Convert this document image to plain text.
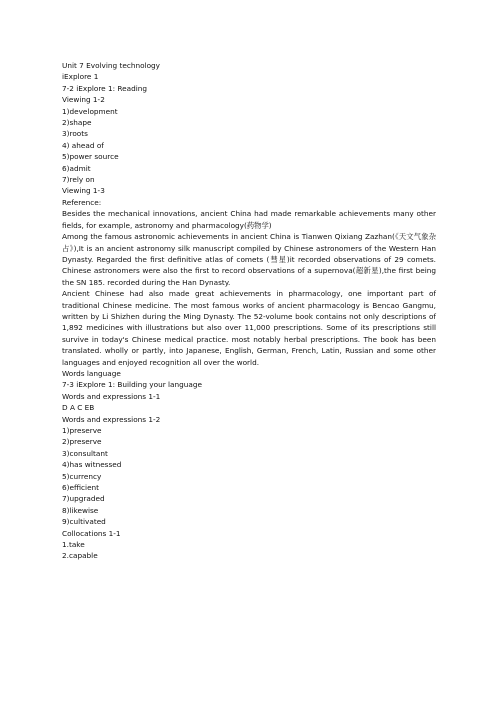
Unit 7 Evolving technology
iExplore 1
7-2 iExplore 1: Reading
Viewing 1-2
1)development
2)shape
3)roots
4) ahead of
5)power source
6)admit
7)rely on
Viewing 1-3
Reference:

Besides the mechanical innovations, ancient China had made remarkable achievements many other fields, for example, astronomy and pharmacology(药物学)

Among the famous astronomic achievements in ancient China is Tianwen Qixiang Zazhan(《天文气象杂占》),It is an ancient astronomy silk manuscript compiled by Chinese astronomers of the Western Han Dynasty. Regarded the first definitive atlas of comets (彗星)it recorded observations of 29 comets. Chinese astronomers were also the first to record observations of a supernova(超新星),the first being the SN 185. recorded during the Han Dynasty.

Ancient Chinese had also made great achievements in pharmacology, one important part of traditional Chinese medicine. The most famous works of ancient pharmacology is Bencao Gangmu, written by Li Shizhen during the Ming Dynasty. The 52-volume book contains not only descriptions of 1,892 medicines with illustrations but also over 11,000 prescriptions. Some of its prescriptions still survive in today's Chinese medical practice. most notably herbal prescriptions. The book has been translated. wholly or partly, into Japanese, English, German, French, Latin, Russian and some other languages and enjoyed recognition all over the world.

Words language
7-3 iExplore 1: Building your language
Words and expressions 1-1
D A C EB
Words and expressions 1-2
1)preserve
2)preserve
3)consultant
4)has witnessed
5)currency
6)efficient
7)upgraded
8)likewise
9)cultivated
Collocations 1-1
1.take
2.capable
